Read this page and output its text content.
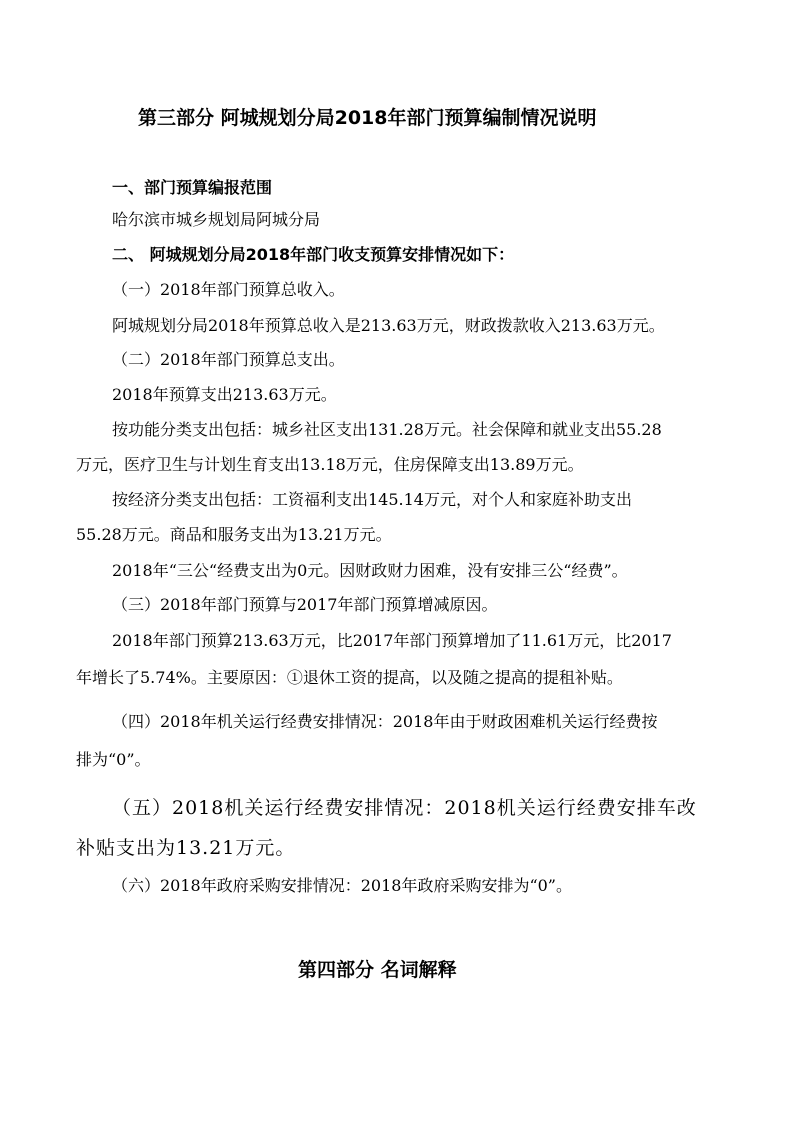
第三部分 阿城规划分局2018年部门预算编制情况说明
一、部门预算编报范围
哈尔滨市城乡规划局阿城分局
二、 阿城规划分局2018年部门收支预算安排情况如下：
（一）2018年部门预算总收入。
阿城规划分局2018年预算总收入是213.63万元，财政拨款收入213.63万元。
（二）2018年部门预算总支出。
2018年预算支出213.63万元。
按功能分类支出包括：城乡社区支出131.28万元。社会保障和就业支出55.28
万元，医疗卫生与计划生育支出13.18万元，住房保障支出13.89万元。
按经济分类支出包括：工资福利支出145.14万元，对个人和家庭补助支出
55.28万元。商品和服务支出为13.21万元。
2018年“三公“经费支出为0元。因财政财力困难，没有安排三公“经费”。
（三）2018年部门预算与2017年部门预算增减原因。
2018年部门预算213.63万元，比2017年部门预算增加了11.61万元，比2017
年增长了5.74%。主要原因：①退休工资的提高，以及随之提高的提租补贴。
（四）2018年机关运行经费安排情况：2018年由于财政困难机关运行经费按
排为“0”。
（五）2018机关运行经费安排情况：2018机关运行经费安排车改
补贴支出为13.21万元。
（六）2018年政府采购安排情况：2018年政府采购安排为“0”。
第四部分 名词解释
